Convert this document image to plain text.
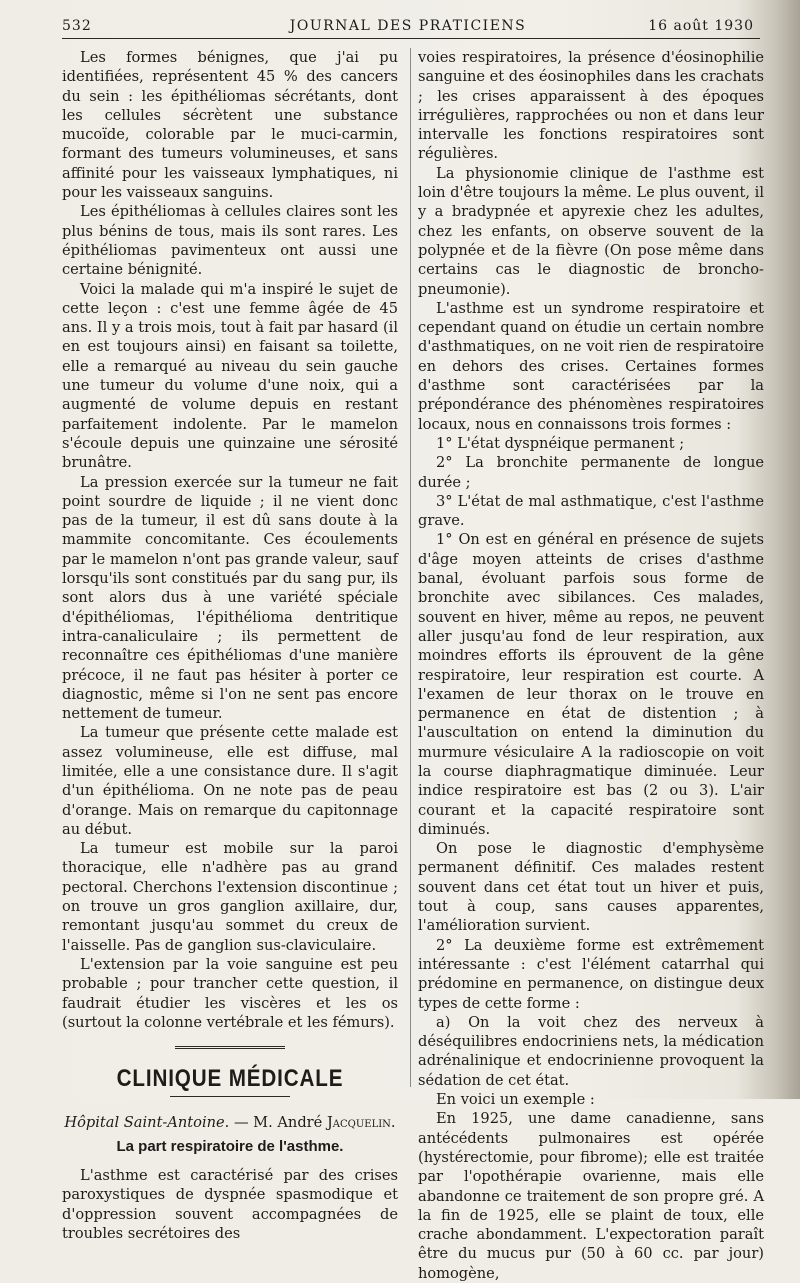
532	JOURNAL DES PRATICIENS	16 août 1930

Les formes bénignes, que j'ai pu identifiées, représentent 45 % des cancers du sein : les épithéliomas sécrétants, dont les cellules sécrètent une substance mucoïde, colorable par le muci-carmin, formant des tumeurs volumineuses, et sans affinité pour les vaisseaux lymphatiques, ni pour les vaisseaux sanguins.

Les épithéliomas à cellules claires sont les plus bénins de tous, mais ils sont rares. Les épithéliomas pavimenteux ont aussi une certaine bénignité.

Voici la malade qui m'a inspiré le sujet de cette leçon : c'est une femme âgée de 45 ans. Il y a trois mois, tout à fait par hasard (il en est toujours ainsi) en faisant sa toilette, elle a remarqué au niveau du sein gauche une tumeur du volume d'une noix, qui a augmenté de volume depuis en restant parfaitement indolente. Par le mamelon s'écoule depuis une quinzaine une sérosité brunâtre.

La pression exercée sur la tumeur ne fait point sourdre de liquide ; il ne vient donc pas de la tumeur, il est dû sans doute à la mammite concomitante. Ces écoulements par le mamelon n'ont pas grande valeur, sauf lorsqu'ils sont constitués par du sang pur, ils sont alors dus à une variété spéciale d'épithéliomas, l'épithélioma dentritique intra-canaliculaire ; ils permettent de reconnaître ces épithéliomas d'une manière précoce, il ne faut pas hésiter à porter ce diagnostic, même si l'on ne sent pas encore nettement de tumeur.

La tumeur que présente cette malade est assez volumineuse, elle est diffuse, mal limitée, elle a une consistance dure. Il s'agit d'un épithélioma. On ne note pas de peau d'orange. Mais on remarque du capitonnage au début.

La tumeur est mobile sur la paroi thoracique, elle n'adhère pas au grand pectoral. Cherchons l'extension discontinue ; on trouve un gros ganglion axillaire, dur, remontant jusqu'au sommet du creux de l'aisselle. Pas de ganglion sus-claviculaire.

L'extension par la voie sanguine est peu probable ; pour trancher cette question, il faudrait étudier les viscères et les os (surtout la colonne vertébrale et les fémurs).

CLINIQUE MÉDICALE

Hôpital Saint-Antoine. — M. André Jacquelin.

La part respiratoire de l'asthme.

L'asthme est caractérisé par des crises paroxystiques de dyspnée spasmodique et d'oppression souvent accompagnées de troubles secrétoires des

voies respiratoires, la présence d'éosinophilie sanguine et des éosinophiles dans les crachats ; les crises apparaissent à des époques irrégulières, rapprochées ou non et dans leur intervalle les fonctions respiratoires sont régulières.

La physionomie clinique de l'asthme est loin d'être toujours la même. Le plus ouvent, il y a bradypnée et apyrexie chez les adultes, chez les enfants, on observe souvent de la polypnée et de la fièvre (On pose même dans certains cas le diagnostic de broncho-pneumonie).

L'asthme est un syndrome respiratoire et cependant quand on étudie un certain nombre d'asthmatiques, on ne voit rien de respiratoire en dehors des crises. Certaines formes d'asthme sont caractérisées par la prépondérance des phénomènes respiratoires locaux, nous en connaissons trois formes :

1° L'état dyspnéique permanent ;

2° La bronchite permanente de longue durée ;

3° L'état de mal asthmatique, c'est l'asthme grave.

1° On est en général en présence de sujets d'âge moyen atteints de crises d'asthme banal, évoluant parfois sous forme de bronchite avec sibilances. Ces malades, souvent en hiver, même au repos, ne peuvent aller jusqu'au fond de leur respiration, aux moindres efforts ils éprouvent de la gêne respiratoire, leur respiration est courte. A l'examen de leur thorax on le trouve en permanence en état de distention ; à l'auscultation on entend la diminution du murmure vésiculaire A la radioscopie on voit la course diaphragmatique diminuée. Leur indice respiratoire est bas (2 ou 3). L'air courant et la capacité respiratoire sont diminués.

On pose le diagnostic d'emphysème permanent définitif. Ces malades restent souvent dans cet état tout un hiver et puis, tout à coup, sans causes apparentes, l'amélioration survient.

2° La deuxième forme est extrêmement intéressante : c'est l'élément catarrhal qui prédomine en permanence, on distingue deux types de cette forme :

a) On la voit chez des nerveux à déséquilibres endocriniens nets, la médication adrénalinique et endocrinienne provoquent la sédation de cet état.

En voici un exemple :

En 1925, une dame canadienne, sans antécédents pulmonaires est opérée (hystérectomie, pour fibrome); elle est traitée par l'opothérapie ovarienne, mais elle abandonne ce traitement de son propre gré. A la fin de 1925, elle se plaint de toux, elle crache abondamment. L'expectoration paraît être du mucus pur (50 à 60 cc. par jour) homogène,
